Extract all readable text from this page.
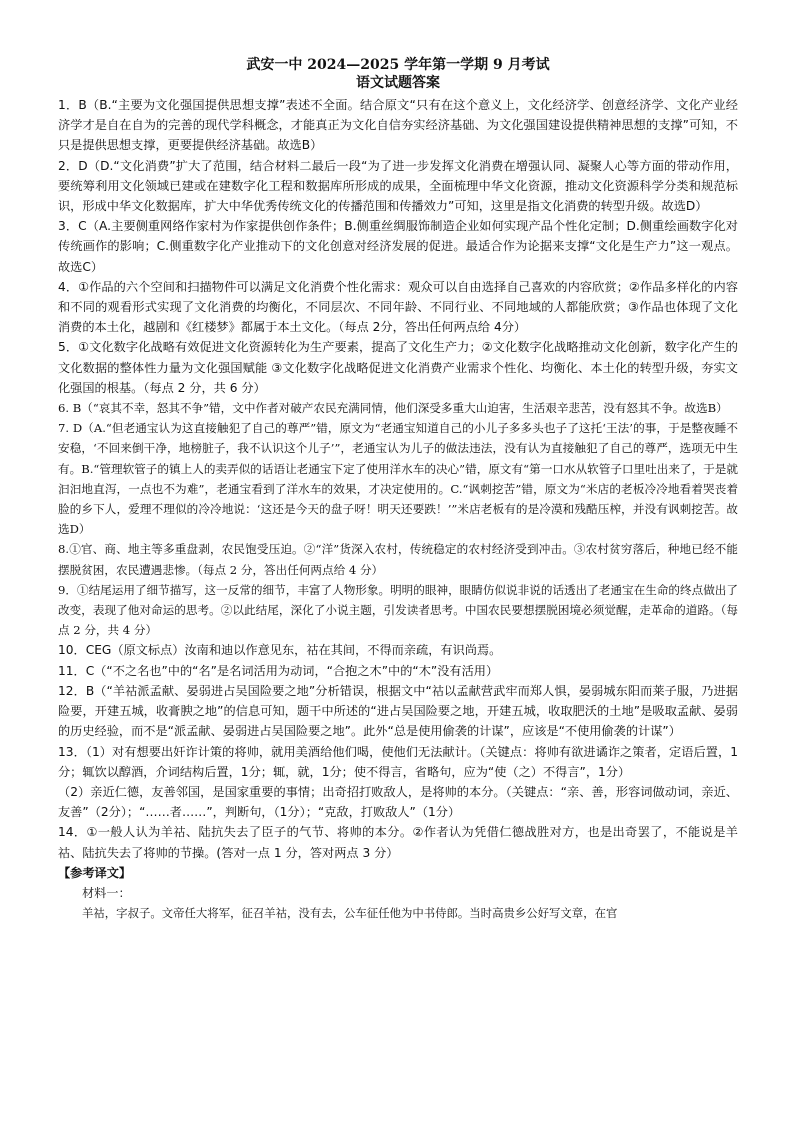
武安一中 2024—2025 学年第一学期 9 月考试
语文试题答案

1．B（B.“主要为文化强国提供思想支撑”表述不全面。结合原文“只有在这个意义上，文化经济学、创意经济学、文化产业经济学才是自在自为的完善的现代学科概念，才能真正为文化自信夯实经济基础、为文化强国建设提供精神思想的支撑”可知，不只是提供思想支撑，更要提供经济基础。故选B）

2．D（D.“文化消费”扩大了范围，结合材料二最后一段“为了进一步发挥文化消费在增强认同、凝聚人心等方面的带动作用，要统筹利用文化领域已建或在建数字化工程和数据库所形成的成果，全面梳理中华文化资源，推动文化资源科学分类和规范标识，形成中华文化数据库，扩大中华优秀传统文化的传播范围和传播效力”可知，这里是指文化消费的转型升级。故选D）

3．C（A.主要侧重网络作家村为作家提供创作条件；B.侧重丝绸服饰制造企业如何实现产品个性化定制；D.侧重绘画数字化对传统画作的影响；C.侧重数字化产业推动下的文化创意对经济发展的促进。最适合作为论据来支撑“文化是生产力”这一观点。故选C）

4．①作品的六个空间和扫描物件可以满足文化消费个性化需求：观众可以自由选择自己喜欢的内容欣赏；②作品多样化的内容和不同的观看形式实现了文化消费的均衡化，不同层次、不同年龄、不同行业、不同地域的人都能欣赏；③作品也体现了文化消费的本土化，越剧和《红楼梦》都属于本土文化。（每点 2分，答出任何两点给 4分）

5．①文化数字化战略有效促进文化资源转化为生产要素，提高了文化生产力；②文化数字化战略推动文化创新，数字化产生的文化数据的整体性力量为文化强国赋能 ③文化数字化战略促进文化消费产业需求个性化、均衡化、本土化的转型升级，夯实文化强国的根基。（每点 2 分，共 6 分）

6. B（“哀其不幸，怒其不争”错，文中作者对破产农民充满同情，他们深受多重大山迫害，生活艰辛悲苦，没有怒其不争。故选B）

7. D（A.“但老通宝认为这直接触犯了自己的尊严”错，原文为“老通宝知道自己的小儿子多多头也子了这托‘王法’的事，于是整夜睡不安稳，‘不回来倒干净，地榜脏子，我不认识这个儿子’”，老通宝认为儿子的做法违法，没有认为直接触犯了自己的尊严，选项无中生有。B.“管理软管子的镇上人的卖弄似的话语让老通宝下定了使用洋水车的决心”错，原文有“第一口水从软管子口里吐出来了，于是就汩汩地直泻，一点也不为难”，老通宝看到了洋水车的效果，才决定使用的。C.“讽刺挖苦”错，原文为“米店的老板冷冷地看着哭丧着脸的乡下人，爱理不理似的冷冷地说：‘这还是今天的盘子呀！明天还要跌！’”米店老板有的是冷漠和残酷压榨，并没有讽刺挖苦。故选D）

8.①官、商、地主等多重盘剥，农民饱受压迫。②“洋”货深入农村，传统稳定的农村经济受到冲击。③农村贫穷落后，种地已经不能摆脱贫困，农民遭遇悲惨。（每点 2 分，答出任何两点给 4 分）

9．①结尾运用了细节描写，这一反常的细节，丰富了人物形象。明明的眼神，眼睛仿似说非说的话透出了老通宝在生命的终点做出了改变，表现了他对命运的思考。②以此结尾，深化了小说主题，引发读者思考。中国农民要想摆脱困境必须觉醒，走革命的道路。（每点 2 分，共 4 分）

10．CEG（原文标点）汝南和迪以作意见东，祜在其间，不得而亲疏，有识尚焉。

11．C（“不之名也”中的“名”是名词活用为动词，“合抱之木”中的“木”没有活用）

12．B（“羊祜派孟献、晏弱进占吴国险要之地”分析错误，根据文中“祜以孟献营武牢而郑人惧，晏弱城东阳而莱子服，乃进据险要，开建五城，收膏腴之地”的信息可知，题干中所述的“进占吴国险要之地，开建五城，收取肥沃的土地”是吸取孟献、晏弱的历史经验，而不是“派孟献、晏弱进占吴国险要之地”。此外“总是使用偷袭的计谋”，应该是“不使用偷袭的计谋”）

13．（1）对有想要出奸诈计策的将帅，就用美酒给他们喝，使他们无法献计。（关键点：将帅有欲进谲诈之策者，定语后置，1分；辄饮以醇酒，介词结构后置，1分；辄，就，1分；使不得言，省略句，应为“使（之）不得言”，1分）

（2）亲近仁德，友善邻国，是国家重要的事情；出奇招打败敌人，是将帅的本分。（关键点：“亲、善，形容词做动词，亲近、友善”（2分）；“……者……”，判断句，（1分）；“克敌，打败敌人”（1分）

14．①一般人认为羊祜、陆抗失去了臣子的气节、将帅的本分。②作者认为凭借仁德战胜对方，也是出奇罢了，不能说是羊祜、陆抗失去了将帅的节操。(答对一点 1 分，答对两点 3 分）

【参考译文】
材料一：
羊祜，字叔子。文帝任大将军，征召羊祜，没有去，公车征任他为中书侍郎。当时高贵乡公好写文章，在官
